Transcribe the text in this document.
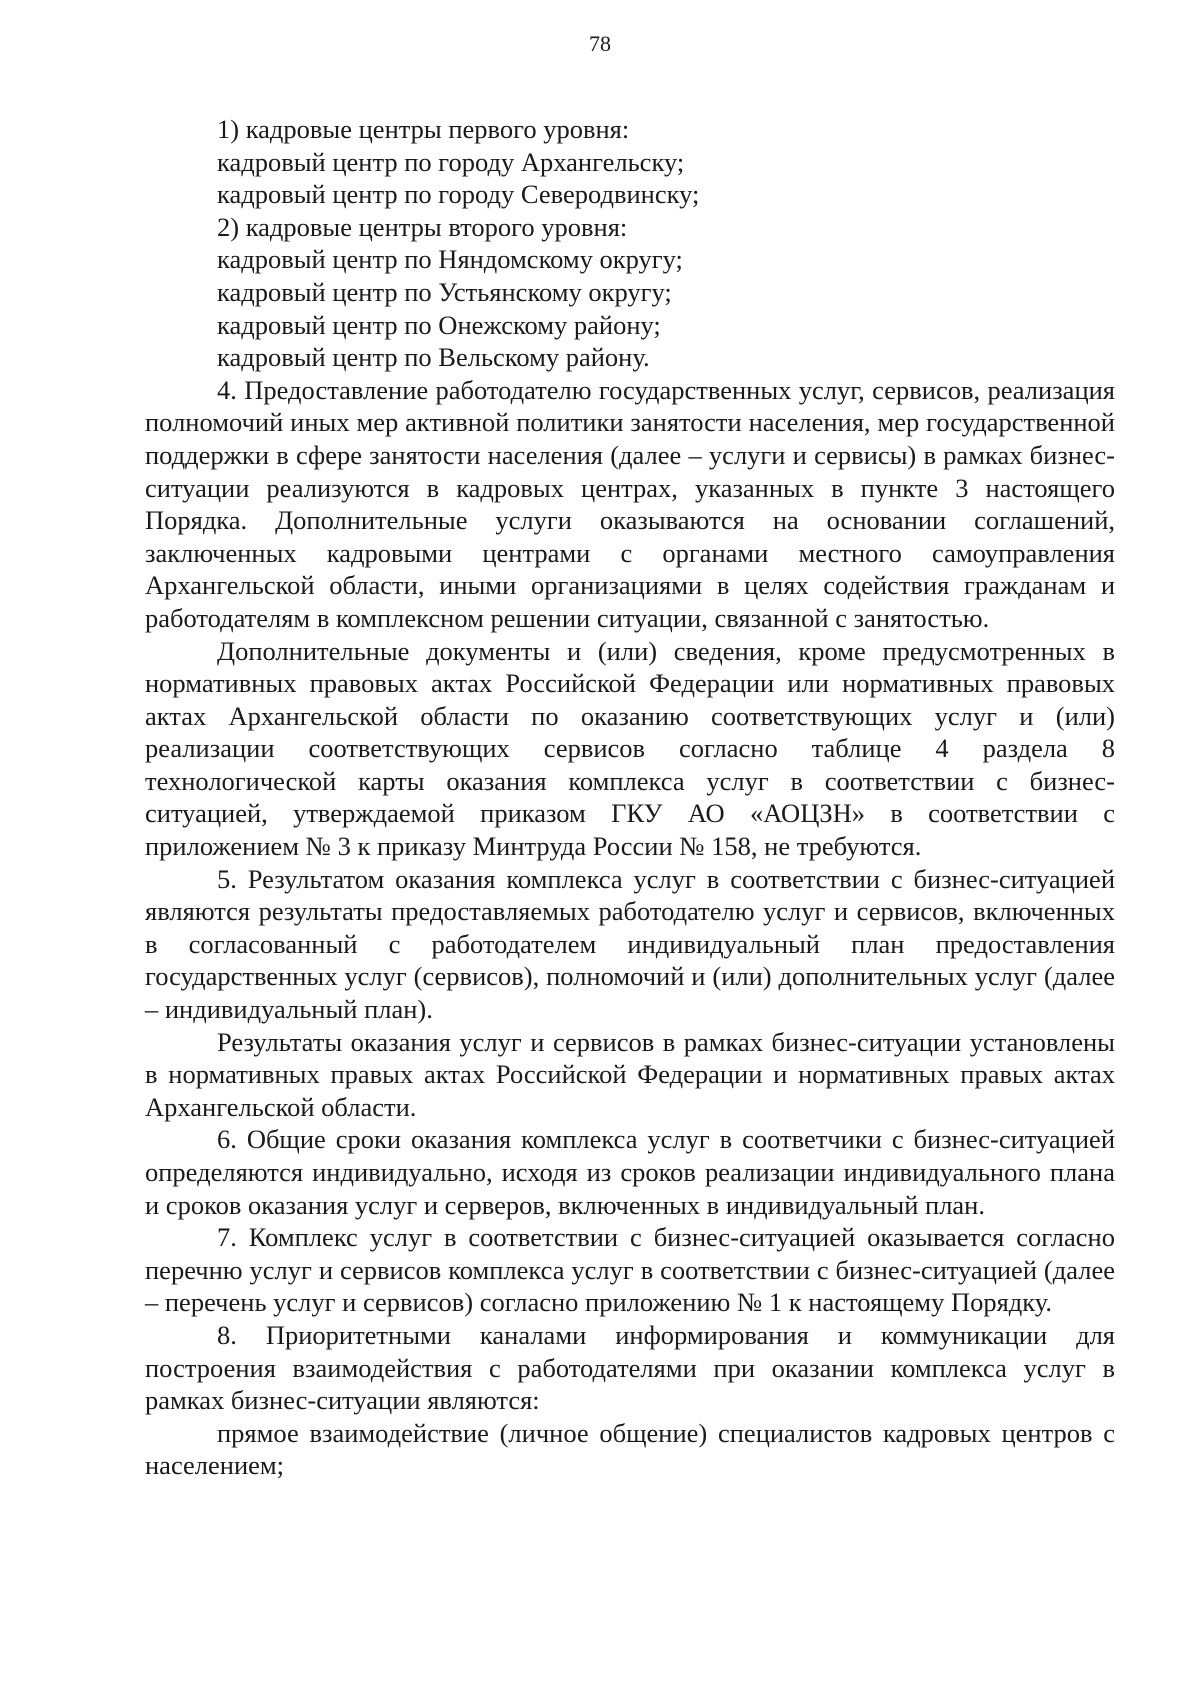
78

1) кадровые центры первого уровня:

кадровый центр по городу Архангельску;

кадровый центр по городу Северодвинску;

2) кадровые центры второго уровня:

кадровый центр по Няндомскому округу;

кадровый центр по Устьянскому округу;

кадровый центр по Онежскому району;

кадровый центр по Вельскому району.

4. Предоставление работодателю государственных услуг, сервисов, реализация полномочий иных мер активной политики занятости населения, мер государственной поддержки в сфере занятости населения (далее – услуги и сервисы) в рамках бизнес-ситуации реализуются в кадровых центрах, указанных в пункте 3 настоящего Порядка. Дополнительные услуги оказываются на основании соглашений, заключенных кадровыми центрами с органами местного самоуправления Архангельской области, иными организациями в целях содействия гражданам и работодателям в комплексном решении ситуации, связанной с занятостью.

Дополнительные документы и (или) сведения, кроме предусмотренных в нормативных правовых актах Российской Федерации или нормативных правовых актах Архангельской области по оказанию соответствующих услуг и (или) реализации соответствующих сервисов согласно таблице 4 раздела 8 технологической карты оказания комплекса услуг в соответствии с бизнес-ситуацией, утверждаемой приказом ГКУ АО «АОЦЗН» в соответствии с приложением № 3 к приказу Минтруда России № 158, не требуются.

5. Результатом оказания комплекса услуг в соответствии с бизнес-ситуацией являются результаты предоставляемых работодателю услуг и сервисов, включенных в согласованный с работодателем индивидуальный план предоставления государственных услуг (сервисов), полномочий и (или) дополнительных услуг (далее – индивидуальный план).

Результаты оказания услуг и сервисов в рамках бизнес-ситуации установлены в нормативных правых актах Российской Федерации и нормативных правых актах Архангельской области.

6. Общие сроки оказания комплекса услуг в соответчики с бизнес-ситуацией определяются индивидуально, исходя из сроков реализации индивидуального плана и сроков оказания услуг и серверов, включенных в индивидуальный план.

7. Комплекс услуг в соответствии с бизнес-ситуацией оказывается согласно перечню услуг и сервисов комплекса услуг в соответствии с бизнес-ситуацией (далее – перечень услуг и сервисов) согласно приложению № 1 к настоящему Порядку.

8. Приоритетными каналами информирования и коммуникации для построения взаимодействия с работодателями при оказании комплекса услуг в рамках бизнес-ситуации являются:

прямое взаимодействие (личное общение) специалистов кадровых центров с населением;
